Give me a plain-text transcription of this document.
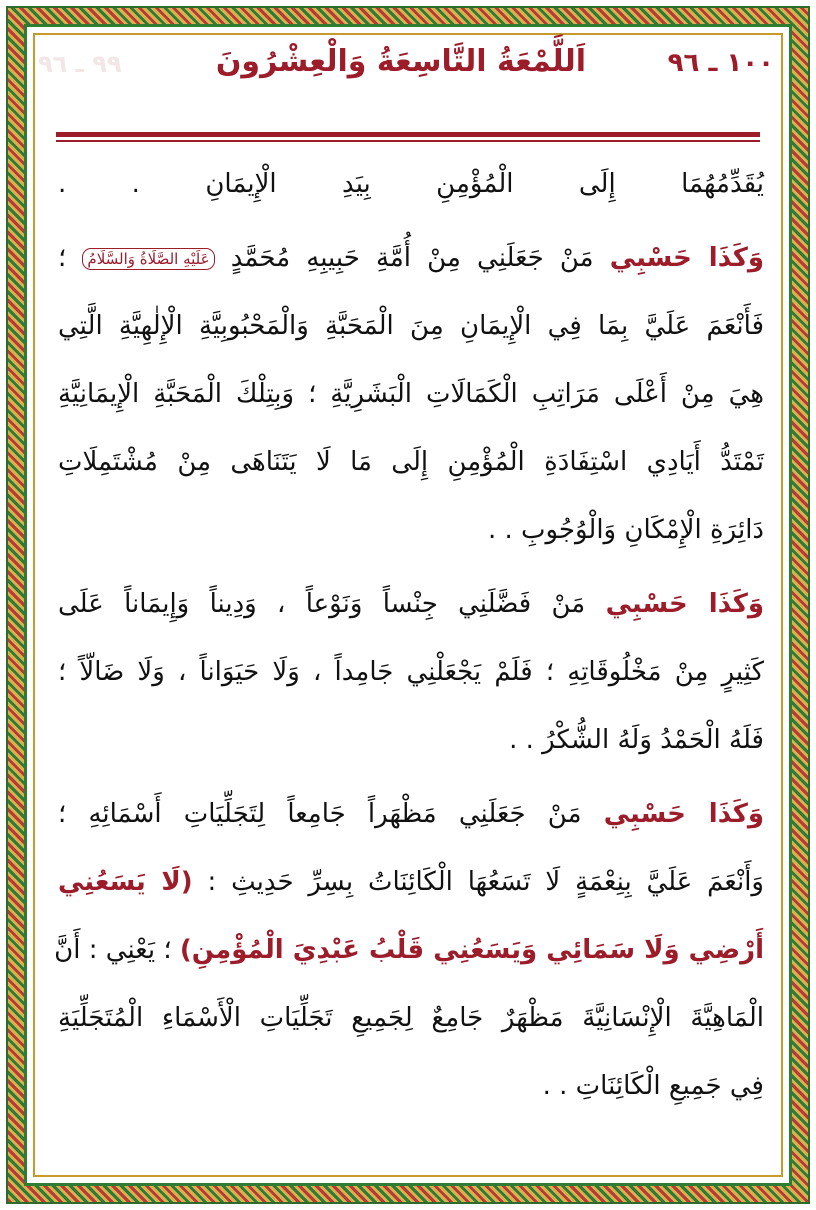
١٠٠ ـ ٩٦
اَللَّمْعَةُ التَّاسِعَةُ وَالْعِشْرُونَ
٩٩ ـ ٩٦
يُقَدِّمُهُمَا إِلَى الْمُؤْمِنِ بِيَدِ الْإِيمَانِ . .
وَكَذَا حَسْبِي مَنْ جَعَلَنِي مِنْ أُمَّةِ حَبِيبِهِ مُحَمَّدٍ عَلَيْهِ الصَّلَاةُ وَالسَّلَامُ ؛
فَأَنْعَمَ عَلَيَّ بِمَا فِي الْإِيمَانِ مِنَ الْمَحَبَّةِ وَالْمَحْبُوبِيَّةِ الْإِلٰهِيَّةِ الَّتِي
هِيَ مِنْ أَعْلَى مَرَاتِبِ الْكَمَالَاتِ الْبَشَرِيَّةِ ؛ وَبِتِلْكَ الْمَحَبَّةِ الْإِيمَانِيَّةِ
تَمْتَدُّ أَيَادِي اسْتِفَادَةِ الْمُؤْمِنِ إِلَى مَا لَا يَتَنَاهَى مِنْ مُشْتَمِلَاتِ
دَائِرَةِ الْإِمْكَانِ وَالْوُجُوبِ . .
وَكَذَا حَسْبِي مَنْ فَضَّلَنِي جِنْساً وَنَوْعاً ، وَدِيناً وَإِيمَاناً عَلَى
كَثِيرٍ مِنْ مَخْلُوقَاتِهِ ؛ فَلَمْ يَجْعَلْنِي جَامِداً ، وَلَا حَيَوَاناً ، وَلَا ضَالّاً ؛
فَلَهُ الْحَمْدُ وَلَهُ الشُّكْرُ . .
وَكَذَا حَسْبِي مَنْ جَعَلَنِي مَظْهَراً جَامِعاً لِتَجَلِّيَاتِ أَسْمَائِهِ ؛
وَأَنْعَمَ عَلَيَّ بِنِعْمَةٍ لَا تَسَعُهَا الْكَائِنَاتُ بِسِرِّ حَدِيثِ : (لَا يَسَعُنِي
أَرْضِي وَلَا سَمَائِي وَيَسَعُنِي قَلْبُ عَبْدِيَ الْمُؤْمِنِ) ؛ يَعْنِي : أَنَّ
الْمَاهِيَّةَ الْإِنْسَانِيَّةَ مَظْهَرٌ جَامِعٌ لِجَمِيعِ تَجَلِّيَاتِ الْأَسْمَاءِ الْمُتَجَلِّيَةِ
فِي جَمِيعِ الْكَائِنَاتِ . .
